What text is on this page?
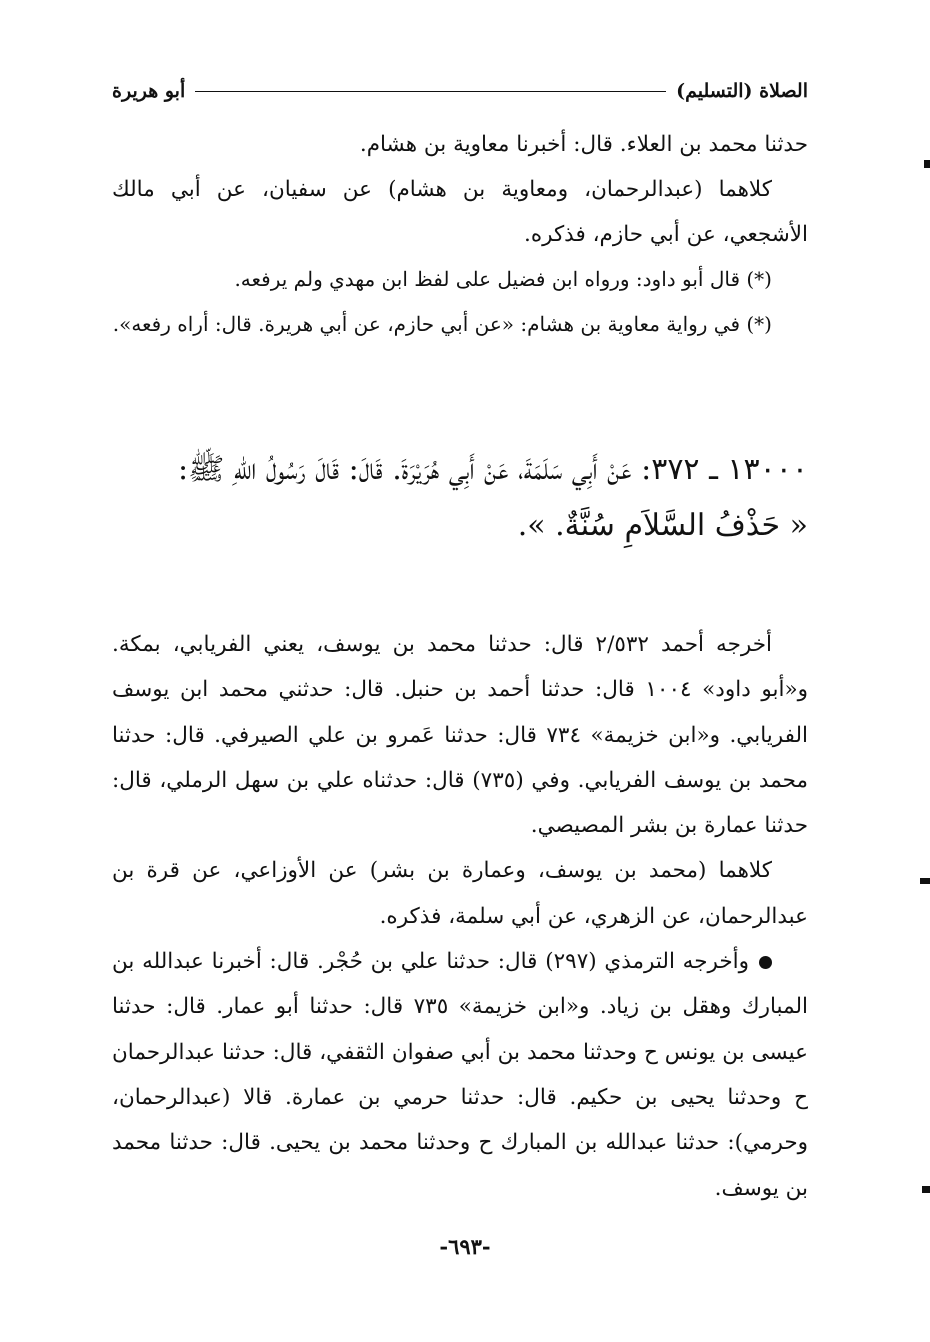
الصلاة (التسليم)
أبو هريرة

حدثنا محمد بن العلاء. قال: أخبرنا معاوية بن هشام.

كلاهما (عبدالرحمان، ومعاوية بن هشام) عن سفيان، عن أبي مالك الأشجعي، عن أبي حازم، فذكره.

(*) قال أبو داود: ورواه ابن فضيل على لفظ ابن مهدي ولم يرفعه.

(*) في رواية معاوية بن هشام: «عن أبي حازم، عن أبي هريرة. قال: أراه رفعه».

١٣٠٠٠ ـ ٣٧٢: عَنْ أَبِي سَلَمَةَ، عَنْ أَبِي هُرَيْرَةَ. قَالَ: قَالَ رَسُولُ اللهِ ﷺ:

« حَذْفُ السَّلاَمِ سُنَّةٌ. ».

أخرجه أحمد ٢/٥٣٢ قال: حدثنا محمد بن يوسف، يعني الفريابي، بمكة. و«أبو داود» ١٠٠٤ قال: حدثنا أحمد بن حنبل. قال: حدثني محمد ابن يوسف الفريابي. و«ابن خزيمة» ٧٣٤ قال: حدثنا عَمرو بن علي الصيرفي. قال: حدثنا محمد بن يوسف الفريابي. وفي (٧٣٥) قال: حدثناه علي بن سهل الرملي، قال: حدثنا عمارة بن بشر المصيصي.

كلاهما (محمد بن يوسف، وعمارة بن بشر) عن الأوزاعي، عن قرة بن عبدالرحمان، عن الزهري، عن أبي سلمة، فذكره.

وأخرجه الترمذي (٢٩٧) قال: حدثنا علي بن حُجْر. قال: أخبرنا عبدالله بن المبارك وهقل بن زياد. و«ابن خزيمة» ٧٣٥ قال: حدثنا أبو عمار. قال: حدثنا عيسى بن يونس ح وحدثنا محمد بن أبي صفوان الثقفي، قال: حدثنا عبدالرحمان ح وحدثنا يحيى بن حكيم. قال: حدثنا حرمي بن عمارة. قالا (عبدالرحمان، وحرمي): حدثنا عبدالله بن المبارك ح وحدثنا محمد بن يحيى. قال: حدثنا محمد بن يوسف.

-٦٩٣-
